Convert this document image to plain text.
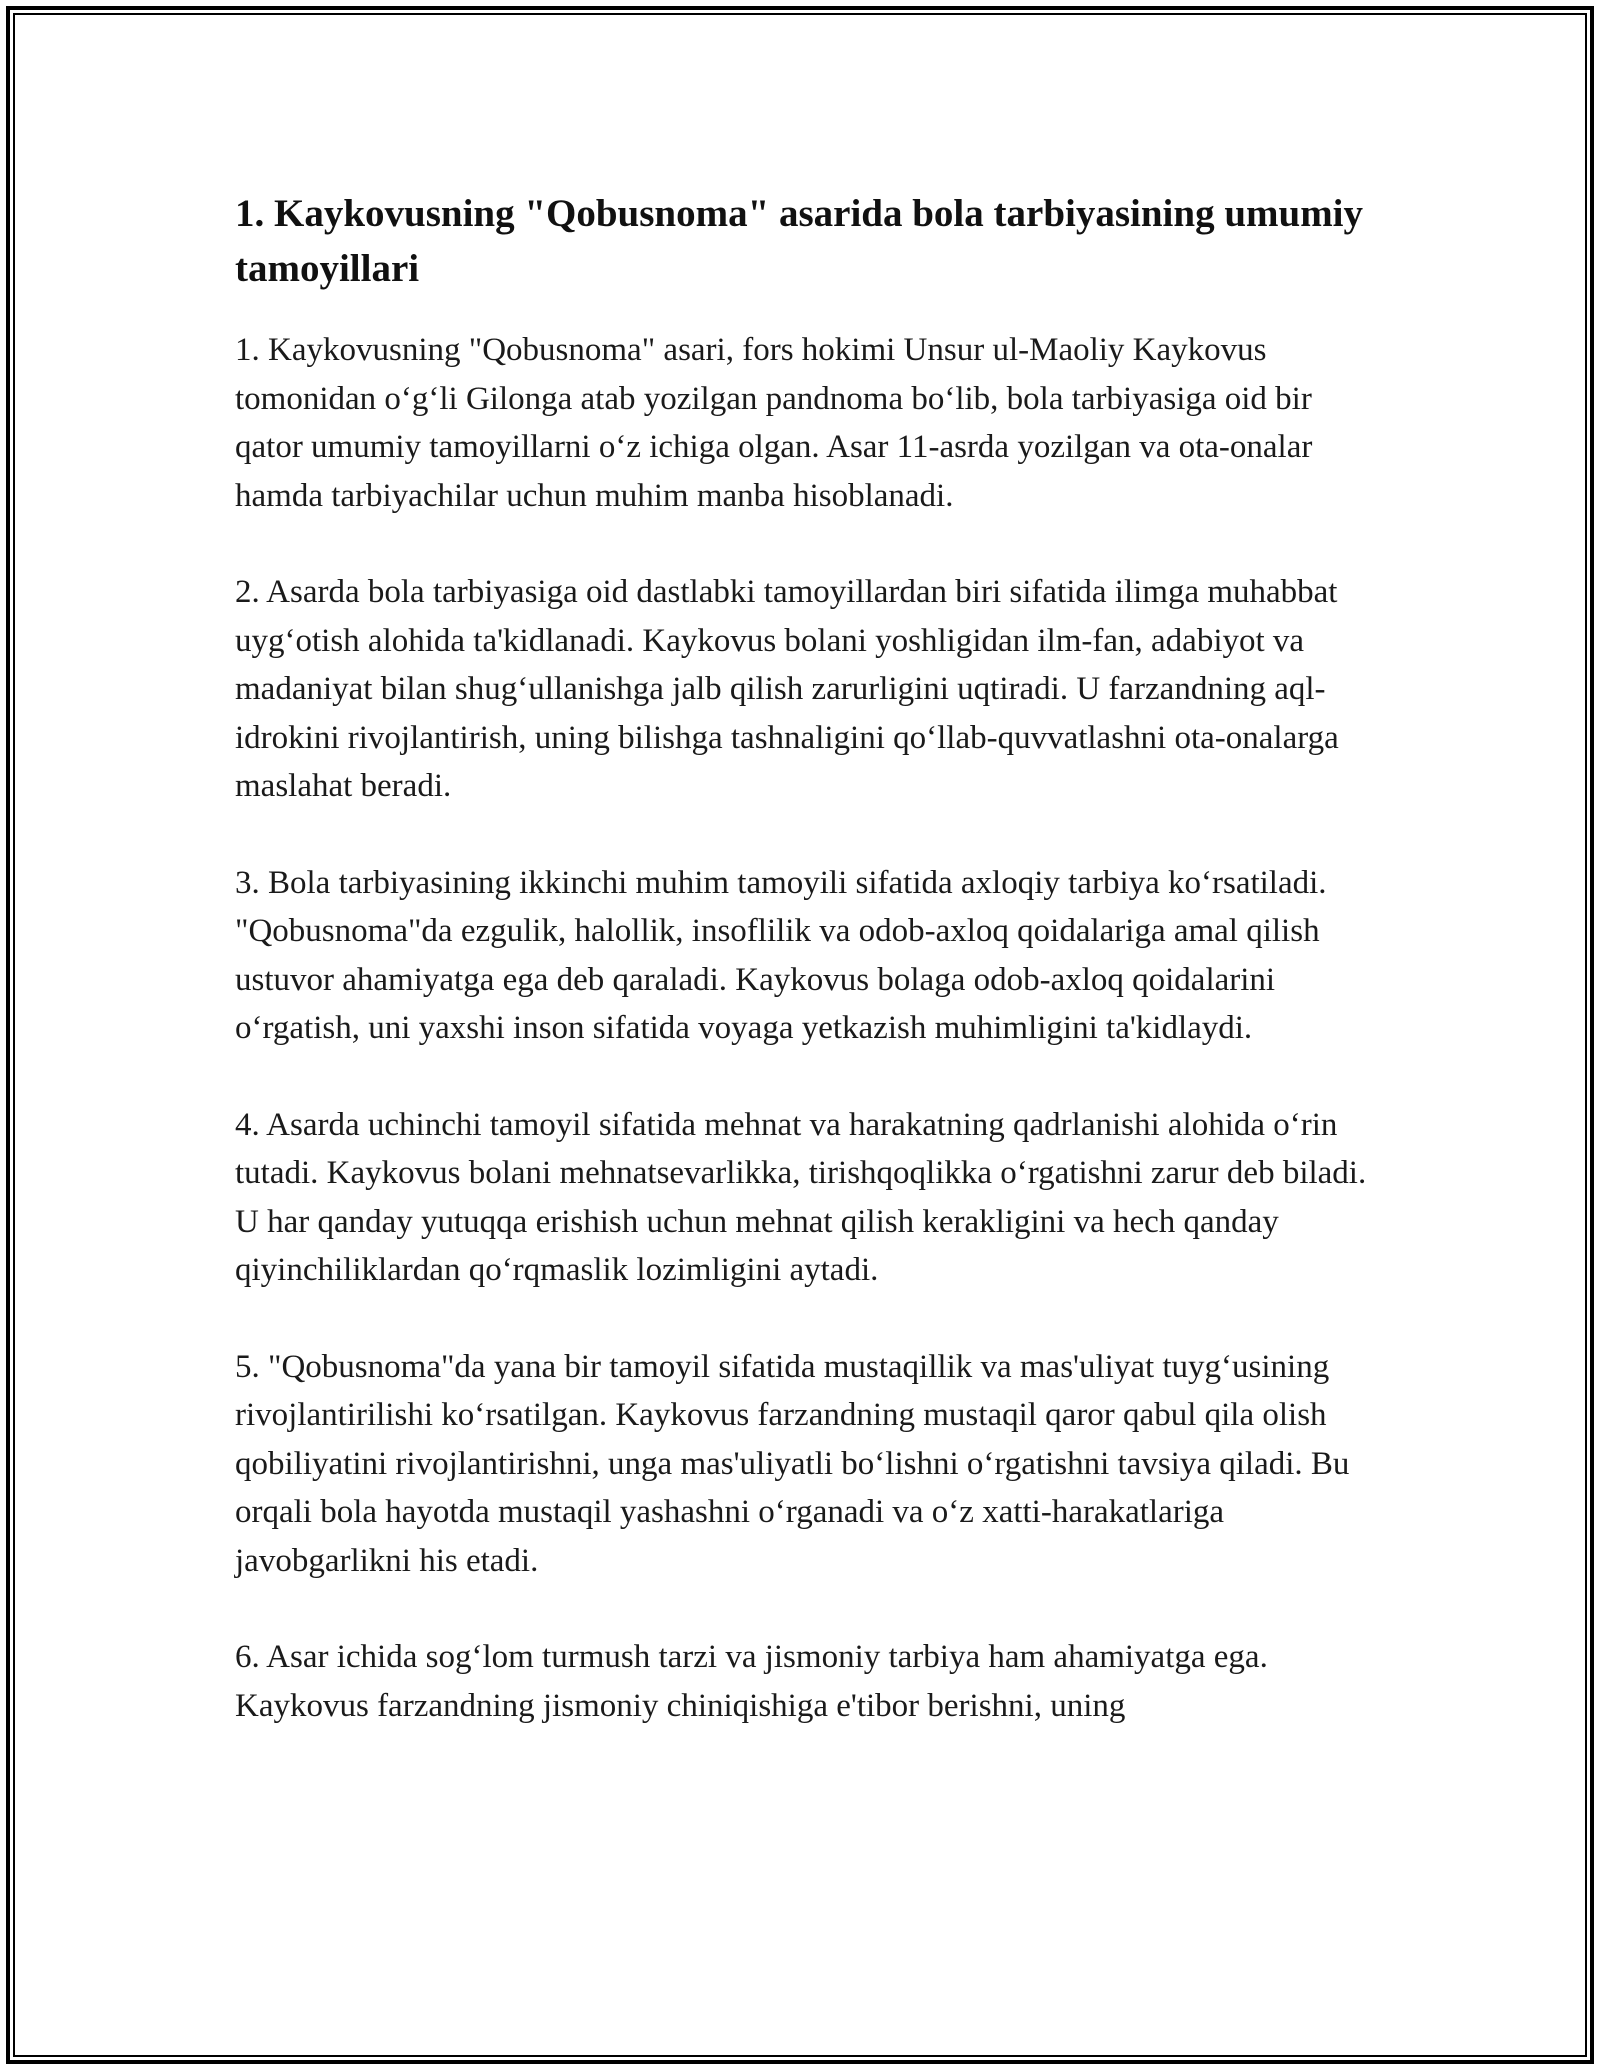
1. Kaykovusning "Qobusnoma" asarida bola tarbiyasining umumiy tamoyillari

1. Kaykovusning "Qobusnoma" asari, fors hokimi Unsur ul-Maoliy Kaykovus tomonidan o‘g‘li Gilonga atab yozilgan pandnoma bo‘lib, bola tarbiyasiga oid bir qator umumiy tamoyillarni o‘z ichiga olgan. Asar 11-asrda yozilgan va ota-onalar hamda tarbiyachilar uchun muhim manba hisoblanadi.

2. Asarda bola tarbiyasiga oid dastlabki tamoyillardan biri sifatida ilimga muhabbat uyg‘otish alohida ta'kidlanadi. Kaykovus bolani yoshligidan ilm-fan, adabiyot va madaniyat bilan shug‘ullanishga jalb qilish zarurligini uqtiradi. U farzandning aql-idrokini rivojlantirish, uning bilishga tashnaligini qo‘llab-quvvatlashni ota-onalarga maslahat beradi.

3. Bola tarbiyasining ikkinchi muhim tamoyili sifatida axloqiy tarbiya ko‘rsatiladi. "Qobusnoma"da ezgulik, halollik, insoflilik va odob-axloq qoidalariga amal qilish ustuvor ahamiyatga ega deb qaraladi. Kaykovus bolaga odob-axloq qoidalarini o‘rgatish, uni yaxshi inson sifatida voyaga yetkazish muhimligini ta'kidlaydi.

4. Asarda uchinchi tamoyil sifatida mehnat va harakatning qadrlanishi alohida o‘rin tutadi. Kaykovus bolani mehnatsevarlikka, tirishqoqlikka o‘rgatishni zarur deb biladi. U har qanday yutuqqa erishish uchun mehnat qilish kerakligini va hech qanday qiyinchiliklardan qo‘rqmaslik lozimligini aytadi.

5. "Qobusnoma"da yana bir tamoyil sifatida mustaqillik va mas'uliyat tuyg‘usining rivojlantirilishi ko‘rsatilgan. Kaykovus farzandning mustaqil qaror qabul qila olish qobiliyatini rivojlantirishni, unga mas'uliyatli bo‘lishni o‘rgatishni tavsiya qiladi. Bu orqali bola hayotda mustaqil yashashni o‘rganadi va o‘z xatti-harakatlariga javobgarlikni his etadi.

6. Asar ichida sog‘lom turmush tarzi va jismoniy tarbiya ham ahamiyatga ega. Kaykovus farzandning jismoniy chiniqishiga e'tibor berishni, uning
